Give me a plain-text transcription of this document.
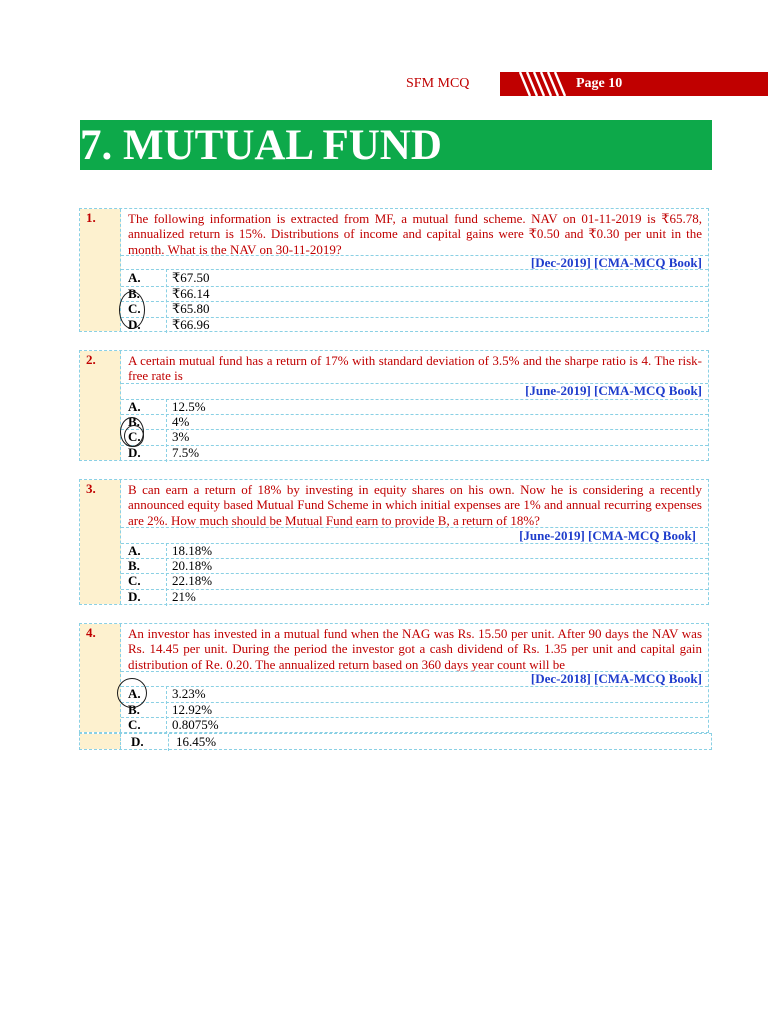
SFM MCQ	Page 10
7. MUTUAL FUND
1. The following information is extracted from MF, a mutual fund scheme. NAV on 01-11-2019 is ₹65.78, annualized return is 15%. Distributions of income and capital gains were ₹0.50 and ₹0.30 per unit in the month. What is the NAV on 30-11-2019?
[Dec-2019] [CMA-MCQ Book]
A. ₹67.50
B. ₹66.14
C. ₹65.80
D. ₹66.96
2. A certain mutual fund has a return of 17% with standard deviation of 3.5% and the sharpe ratio is 4. The risk-free rate is
[June-2019] [CMA-MCQ Book]
A. 12.5%
B. 4%
C. 3%
D. 7.5%
3. B can earn a return of 18% by investing in equity shares on his own. Now he is considering a recently announced equity based Mutual Fund Scheme in which initial expenses are 1% and annual recurring expenses are 2%. How much should be Mutual Fund earn to provide B, a return of 18%?
[June-2019] [CMA-MCQ Book]
A. 18.18%
B. 20.18%
C. 22.18%
D. 21%
4. An investor has invested in a mutual fund when the NAG was Rs. 15.50 per unit. After 90 days the NAV was Rs. 14.45 per unit. During the period the investor got a cash dividend of Rs. 1.35 per unit and capital gain distribution of Re. 0.20. The annualized return based on 360 days year count will be
[Dec-2018] [CMA-MCQ Book]
A. 3.23%
B. 12.92%
C. 0.8075%
D. 16.45%
